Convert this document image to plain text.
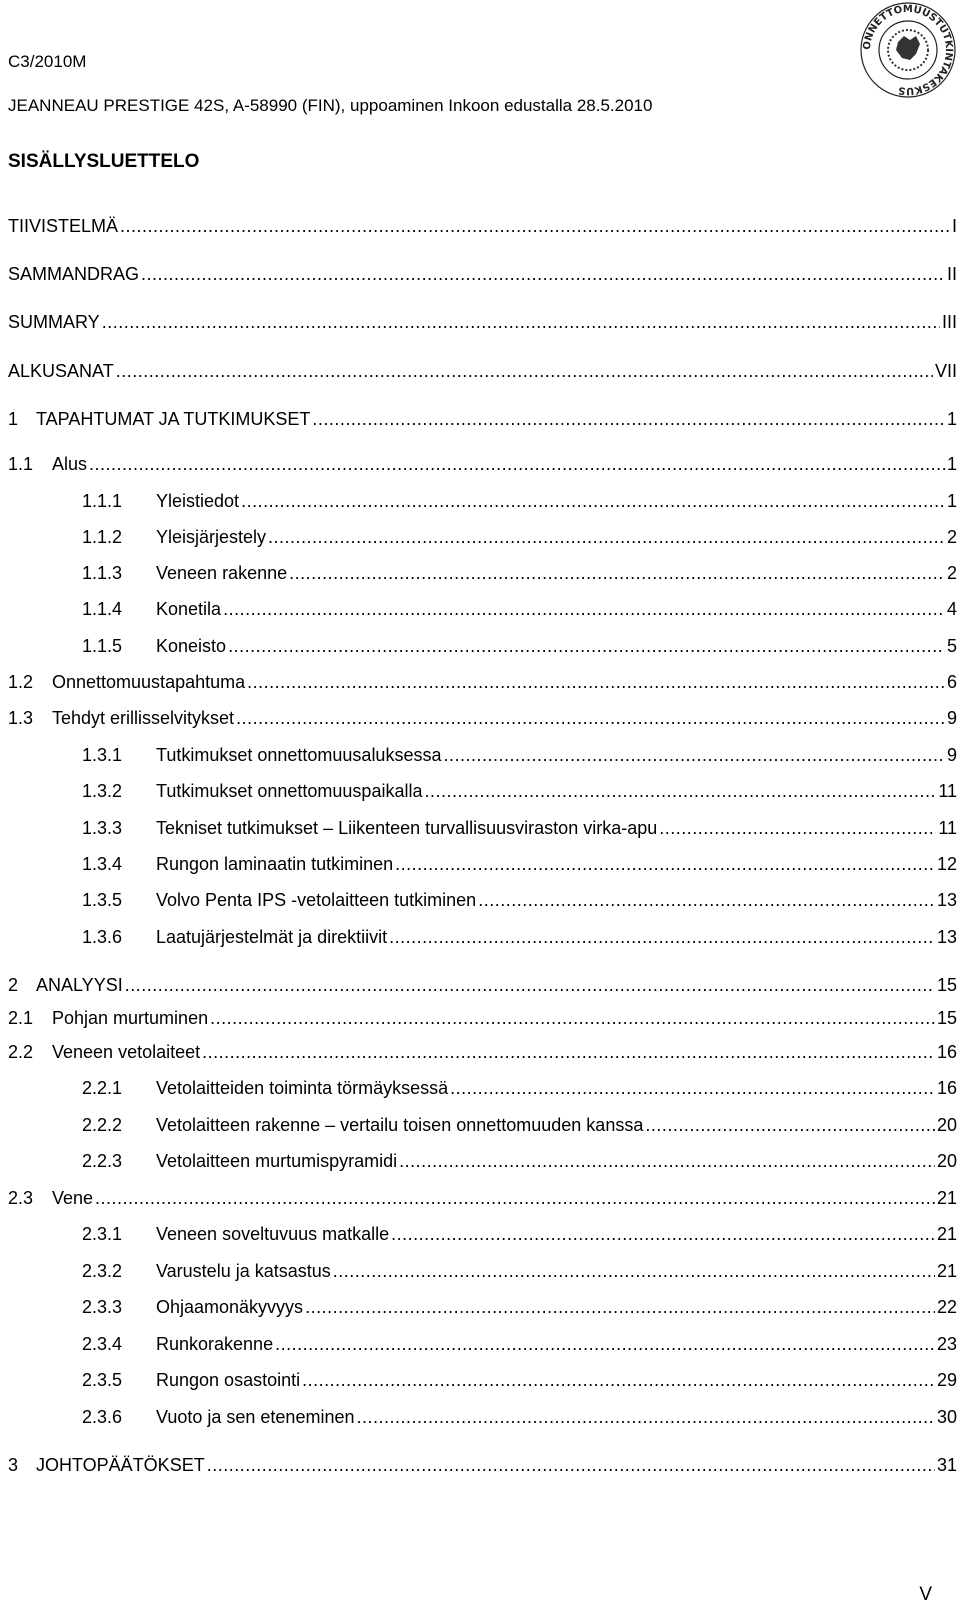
C3/2010M
JEANNEAU PRESTIGE 42S, A-58990 (FIN), uppoaminen Inkoon edustalla 28.5.2010
ONNETTOMUUSTUTKINTAKESKUS
SISÄLLYSLUETTELO
TIIVISTELMÄ .....	I
SAMMANDRAG .....	II
SUMMARY .....	III
ALKUSANAT .....	VII
1 TAPAHTUMAT JA TUTKIMUKSET .....	1
1.1	Alus .....	1
1.1.1	Yleistiedot .....	1
1.1.2	Yleisjärjestely .....	2
1.1.3	Veneen rakenne .....	2
1.1.4	Konetila .....	4
1.1.5	Koneisto .....	5
1.2	Onnettomuustapahtuma .....	6
1.3	Tehdyt erillisselvitykset .....	9
1.3.1	Tutkimukset onnettomuusaluksessa .....	9
1.3.2	Tutkimukset onnettomuuspaikalla .....	11
1.3.3	Tekniset tutkimukset – Liikenteen turvallisuusviraston virka-apu .....	11
1.3.4	Rungon laminaatin tutkiminen .....	12
1.3.5	Volvo Penta IPS -vetolaitteen tutkiminen .....	13
1.3.6	Laatujärjestelmät ja direktiivit .....	13
2 ANALYYSI .....	15
2.1	Pohjan murtuminen .....	15
2.2	Veneen vetolaiteet .....	16
2.2.1	Vetolaitteiden toiminta törmäyksessä .....	16
2.2.2	Vetolaitteen rakenne – vertailu toisen onnettomuuden kanssa .....	20
2.2.3	Vetolaitteen murtumispyramidi .....	20
2.3	Vene .....	21
2.3.1	Veneen soveltuvuus matkalle .....	21
2.3.2	Varustelu ja katsastus .....	21
2.3.3	Ohjaamonäkyvyys .....	22
2.3.4	Runkorakenne .....	23
2.3.5	Rungon osastointi .....	29
2.3.6	Vuoto ja sen eteneminen .....	30
3 JOHTOPÄÄTÖKSET .....	31
V
